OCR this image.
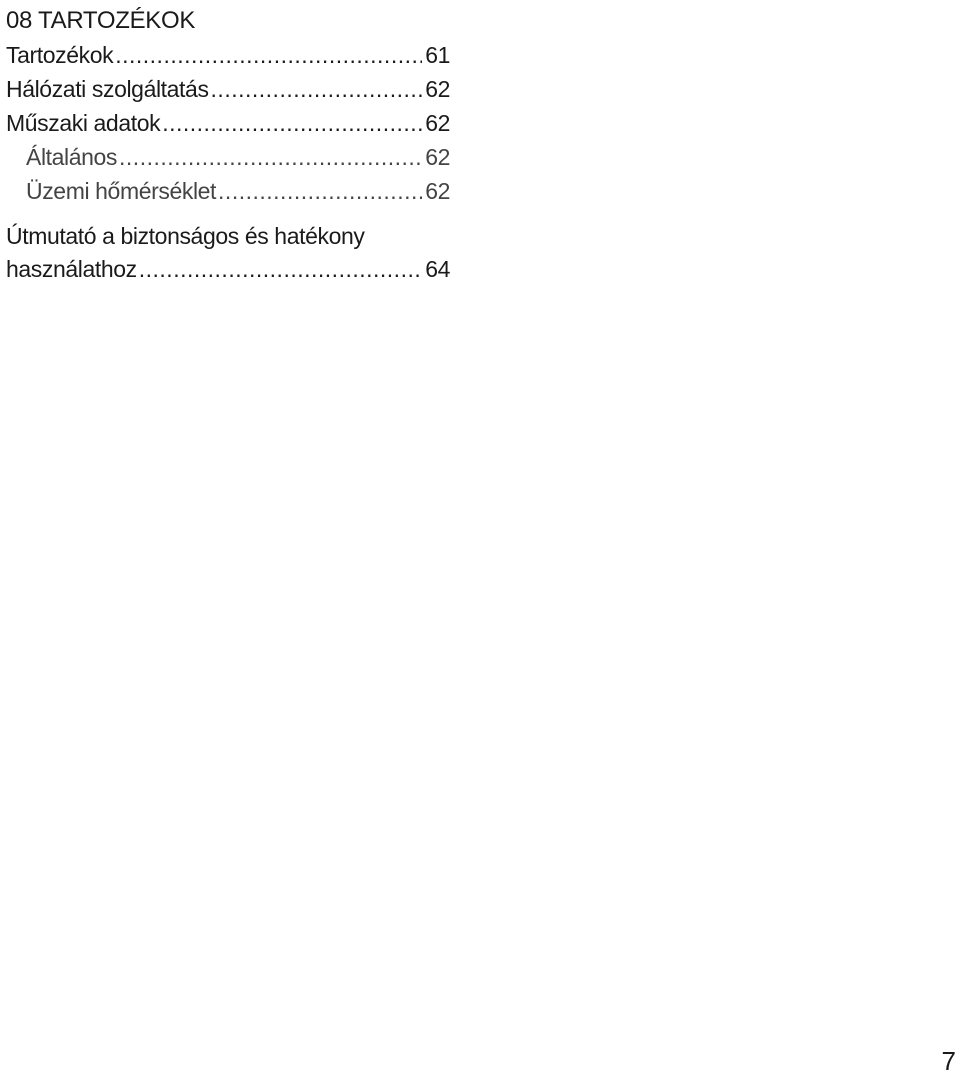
08 TARTOZÉKOK
Tartozékok .....	61
Hálózati szolgáltatás .....	62
Műszaki adatok .....	62
Általános .....	62
Üzemi hőmérséklet .....	62
Útmutató a biztonságos és hatékony
használathoz .....	64
7
